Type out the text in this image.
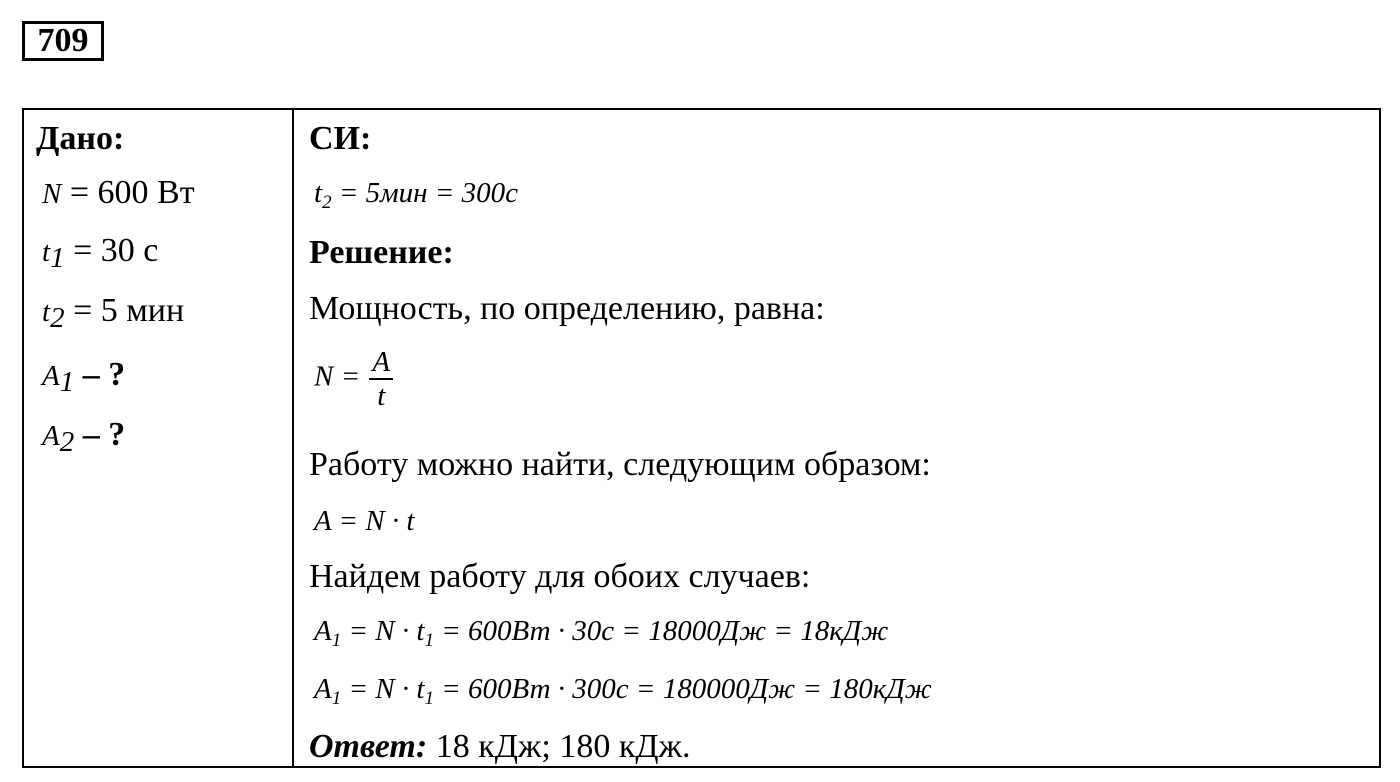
709
Дано:
N = 600 Вт
$t_1 = 30$ с
$t_2 = 5$ мин
$A_1$ – ?
$A_2$ – ?
СИ:
$t_2 = 5мин = 300с$
Решение:
Мощность, по определению, равна:
$N = \frac{A}{t}$
Работу можно найти, следующим образом:
A = N · t
Найдем работу для обоих случаев:
$A_1 = N \cdot t_1 = 600Вт \cdot 30с = 18000Дж = 18кДж$
$A_1 = N \cdot t_1 = 600Вт \cdot 300с = 180000Дж = 180кДж$
Ответ: 18 кДж; 180 кДж.
